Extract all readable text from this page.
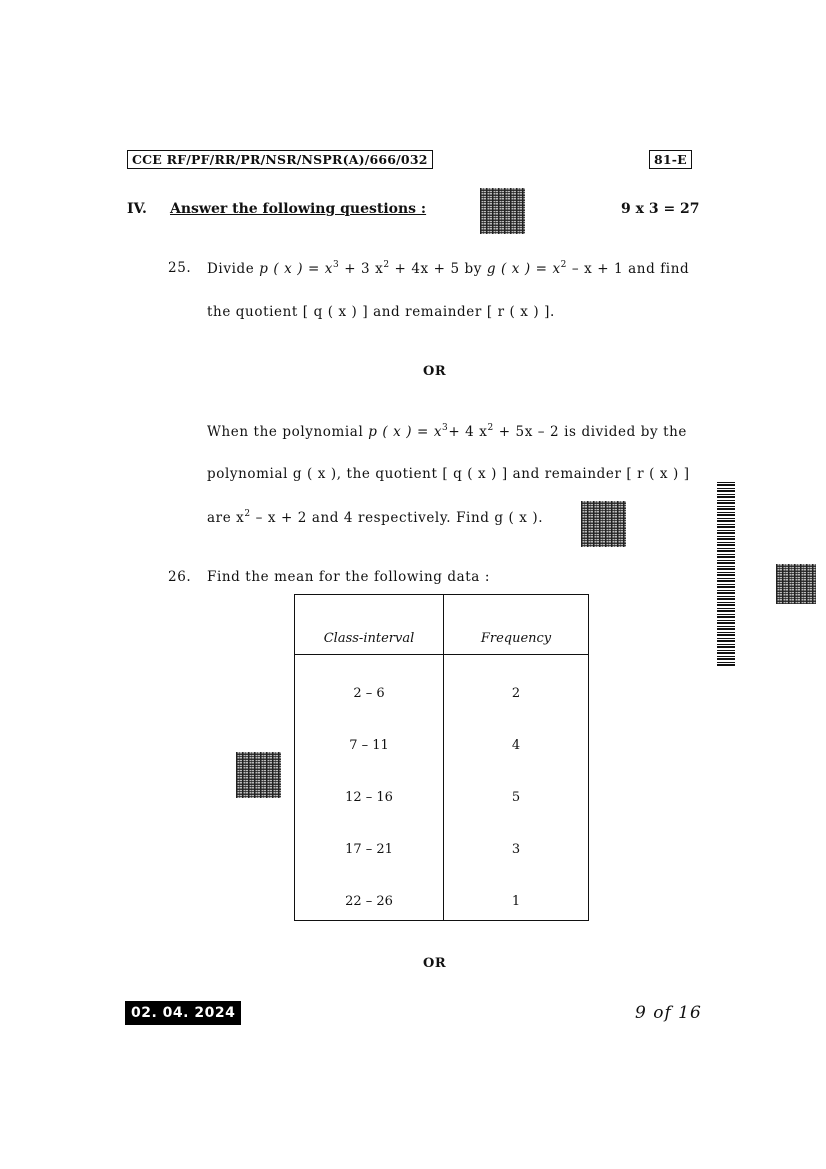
CCE RF/PF/RR/PR/NSR/NSPR(A)/666/032	81-E
IV. Answer the following questions :	9 x 3 = 27
25. Divide p ( x ) = $x^3 + 3$ $x^2 + 4x + 5$ by g ( x ) = $x^2 - x + 1$ and find
the quotient [ q ( x ) ] and remainder [ r ( x ) ].
OR
When the polynomial p ( x ) = $x^3+ 4$ $x^2 + 5x - 2$ is divided by the
polynomial g ( x ), the quotient [ q ( x ) ] and remainder [ r ( x ) ]
are $x^2 - x + 2$ and 4 respectively. Find g ( x ).
26. Find the mean for the following data :
Class-interval	Frequency

2 – 6	2
7 – 11	4
12 – 16	5
17 – 21	3
22 – 26	1
OR
02. 04. 2024	9 of 16
